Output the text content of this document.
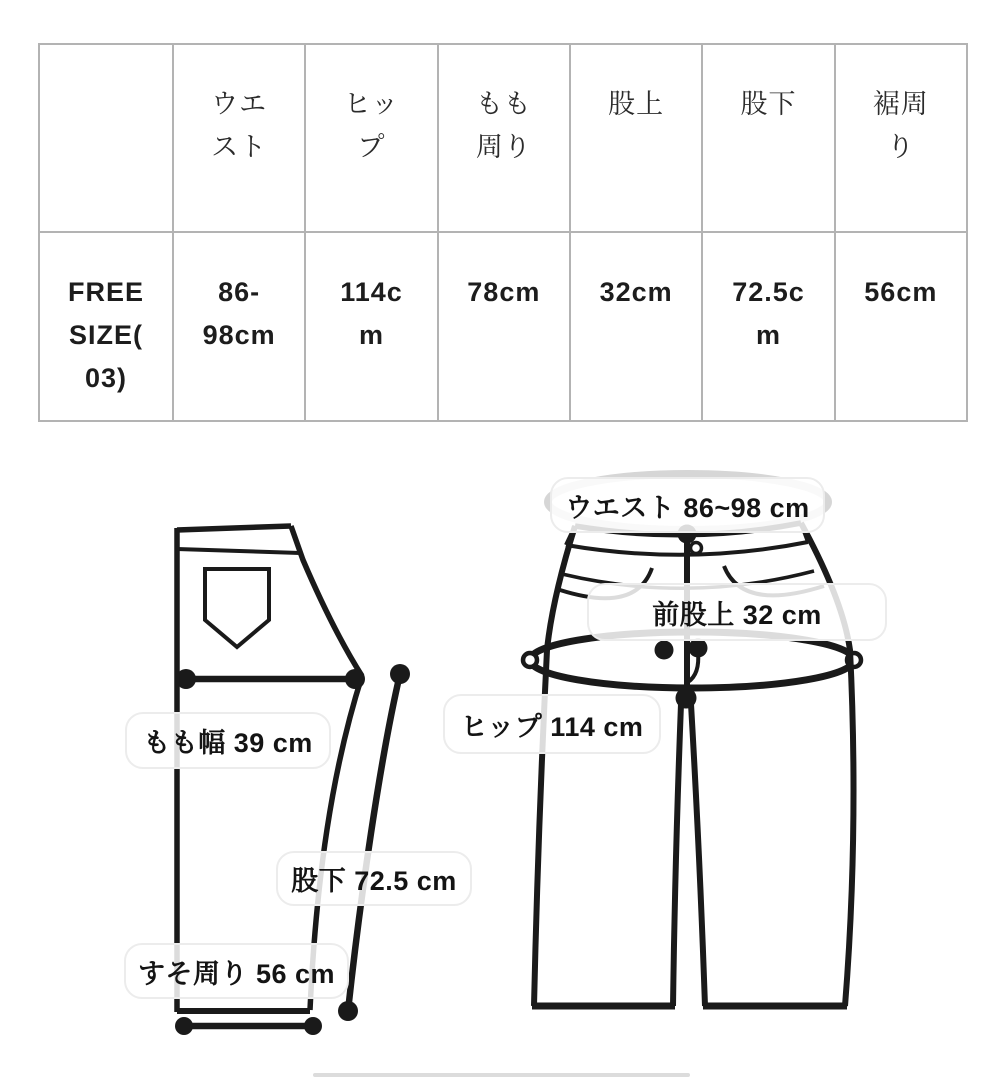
	ウエスト	ヒップ	もも周り	股上	股下	裾周り
FREE SIZE(03)	86-98cm	114cm	78cm	32cm	72.5cm	56cm
ウエスト 86~98 cm
前股上 32 cm
ヒップ 114 cm
もも幅 39 cm
股下 72.5 cm
すそ周り 56 cm
